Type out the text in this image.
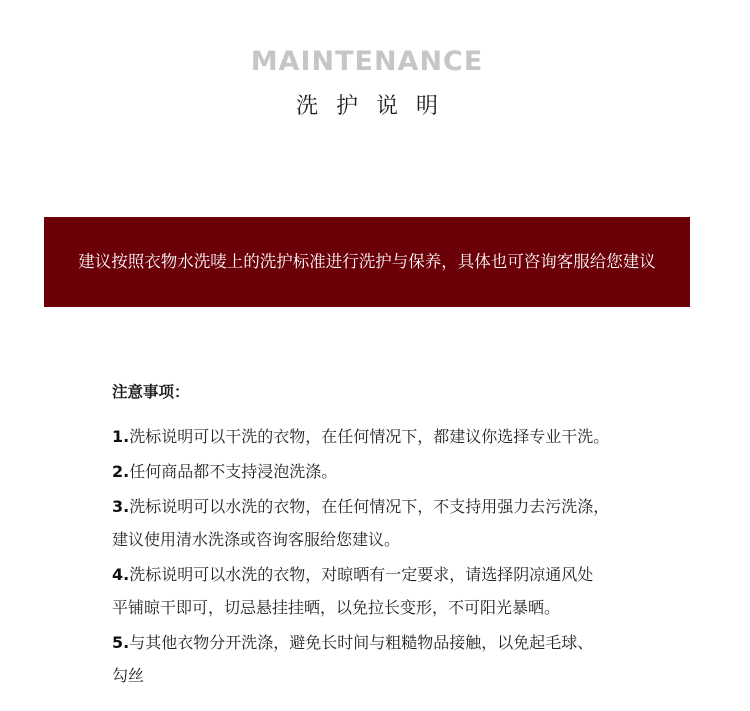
MAINTENANCE
洗护说明
建议按照衣物水洗唛上的洗护标准进行洗护与保养，具体也可咨询客服给您建议
注意事项：
1.洗标说明可以干洗的衣物，在任何情况下，都建议你选择专业干洗。
2.任何商品都不支持浸泡洗涤。
3.洗标说明可以水洗的衣物，在任何情况下，不支持用强力去污洗涤，
建议使用清水洗涤或咨询客服给您建议。
4.洗标说明可以水洗的衣物，对晾晒有一定要求，请选择阴凉通风处
平铺晾干即可，切忌悬挂挂晒，以免拉长变形，不可阳光暴晒。
5.与其他衣物分开洗涤，避免长时间与粗糙物品接触，以免起毛球、
勾丝
